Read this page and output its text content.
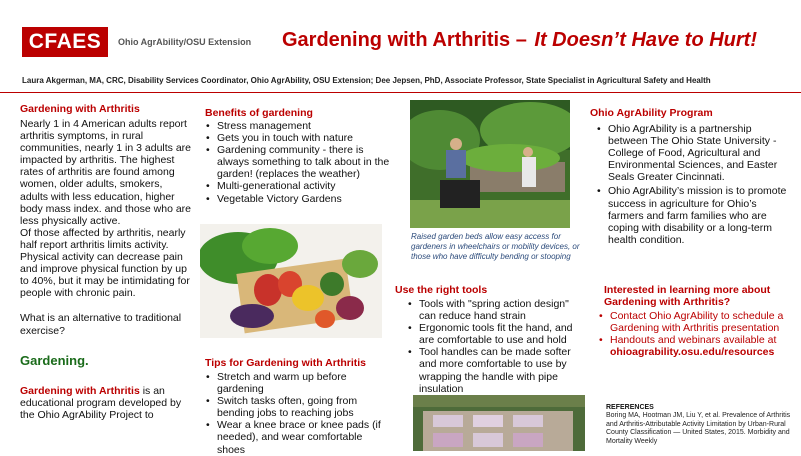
CFAES Ohio AgrAbility/OSU Extension Gardening with Arthritis – It Doesn’t Have to Hurt!
Laura Akgerman, MA, CRC, Disability Services Coordinator, Ohio AgrAbility, OSU Extension; Dee Jepsen, PhD, Associate Professor, State Specialist in Agricultural Safety and Health
Gardening with Arthritis
Nearly 1 in 4 American adults report arthritis symptoms, in rural communities, nearly 1 in 3 adults are impacted by arthritis. The highest rates of arthritis are found among women, older adults, smokers, adults with less education, higher body mass index. and those who are less physically active.
Of those affected by arthritis, nearly half report arthritis limits activity. Physical activity can decrease pain and improve physical function by up to 40%, but it may be intimidating for people with chronic pain.
What is an alternative to traditional exercise?
Gardening.
Gardening with Arthritis is an educational program developed by the Ohio AgrAbility Project to
Benefits of gardening
• Stress management
• Gets you in touch with nature
• Gardening community - there is always something to talk about in the garden! (replaces the weather)
• Multi-generational activity
• Vegetable Victory Gardens
Tips for Gardening with Arthritis
• Stretch and warm up before gardening
• Switch tasks often, going from bending jobs to reaching jobs
• Wear a knee brace or knee pads (if needed), and wear comfortable shoes
Raised garden beds allow easy access for gardeners in wheelchairs or mobility devices, or those who have difficulty bending or stooping
Use the right tools
• Tools with "spring action design" can reduce hand strain
• Ergonomic tools fit the hand, and are comfortable to use and hold
• Tool handles can be made softer and more comfortable to use by wrapping the handle with pipe insulation
Ohio AgrAbility Program
• Ohio AgrAbility is a partnership between The Ohio State University - College of Food, Agricultural and Environmental Sciences, and Easter Seals Greater Cincinnati.
• Ohio AgrAbility’s mission is to promote success in agriculture for Ohio’s farmers and farm families who are coping with disability or a long-term health condition.
Interested in learning more about Gardening with Arthritis?
• Contact Ohio AgrAbility to schedule a Gardening with Arthritis presentation
• Handouts and webinars available at
ohioagrability.osu.edu/resources
REFERENCES
Boring MA, Hootman JM, Liu Y, et al. Prevalence of Arthritis and Arthritis-Attributable Activity Limitation by Urban-Rural County Classification — United States, 2015. Morbidity and Mortality Weekly
